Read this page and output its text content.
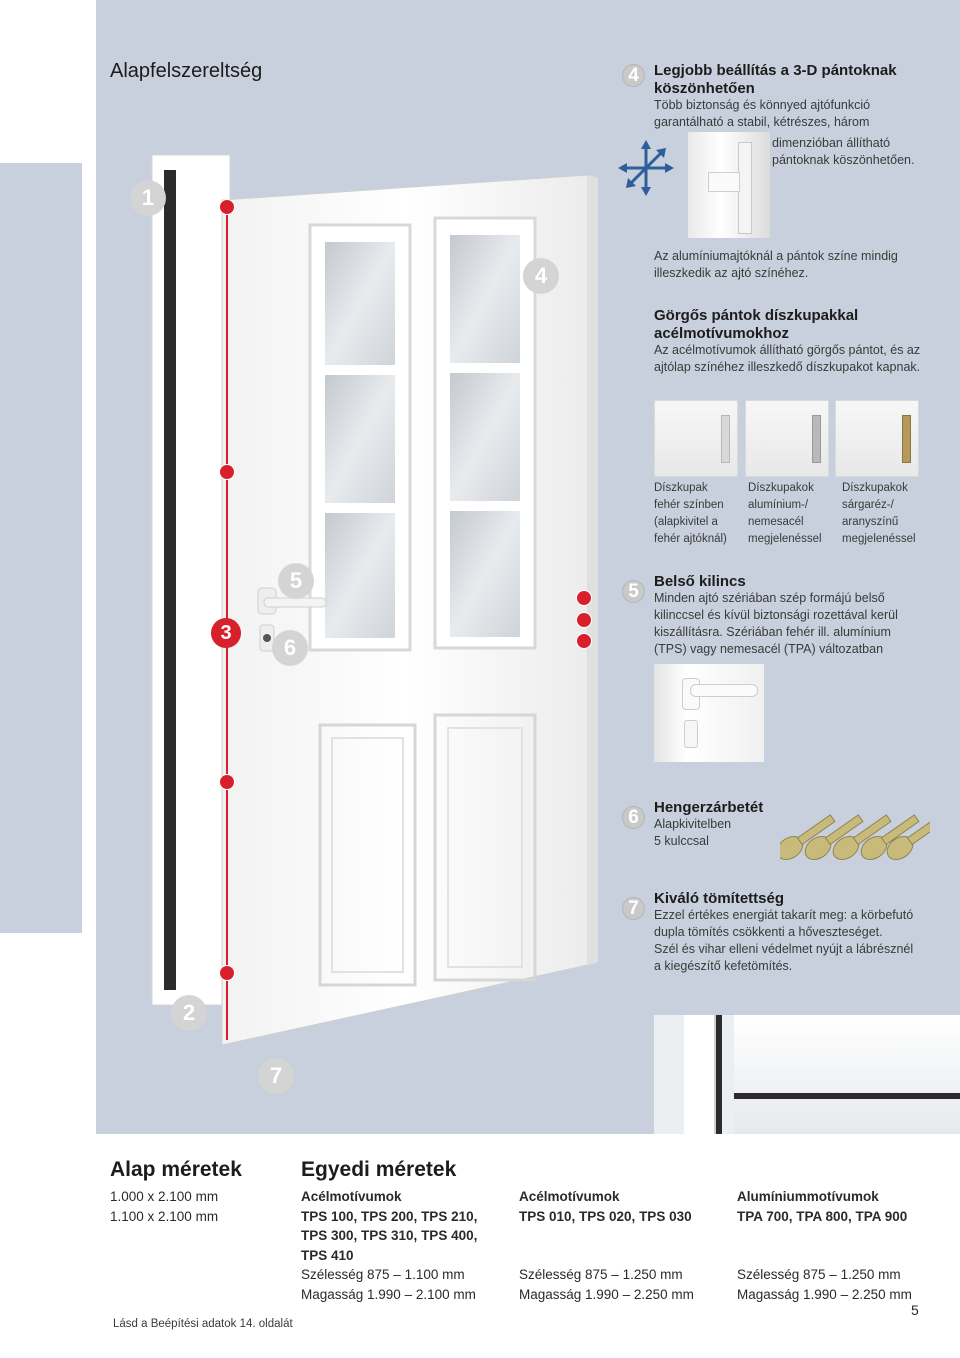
3
1
4
5
6
2
7
Alapfelszereltség	4	Legjobb beállítás a 3-D pántoknak
köszönhetően
Több biztonság és könnyed ajtófunkció
garantálható a stabil, kétrészes, három
dimenzióban állítható
pántoknak köszönhetően.
Az alumíniumajtóknál a pántok színe mindig
illeszkedik az ajtó színéhez.
Görgős pántok díszkupakkal
acélmotívumokhoz
Az acélmotívumok állítható görgős pántot, és az
ajtólap színéhez illeszkedő díszkupakot kapnak.
Díszkupak
fehér színben
(alapkivitel a
fehér ajtóknál)
Díszkupakok
alumínium-/
nemesacél
megjelenéssel
Díszkupakok
sárgaréz-/
aranyszínű
megjelenéssel
5	Belső kilincs
Minden ajtó szériában szép formájú belső
kilinccsel és kívül biztonsági rozettával kerül
kiszállításra. Szériában fehér ill. alumínium
(TPS) vagy nemesacél (TPA) változatban
6	Hengerzárbetét
Alapkivitelben
5 kulccsal
7	Kiváló tömítettség
Ezzel értékes energiát takarít meg: a körbefutó
dupla tömítés csökkenti a hőveszteséget.
Szél és vihar elleni védelmet nyújt a lábrésznél
a kiegészítő kefetömítés.
Alap méretek
1.000 x 2.100 mm
1.100 x 2.100 mm
Egyedi méretek
Acélmotívumok
TPS 100, TPS 200, TPS 210,
TPS 300, TPS 310, TPS 400,
TPS 410
Szélesség 875 – 1.100 mm
Magasság 1.990 – 2.100 mm
Acélmotívumok
TPS 010, TPS 020, TPS 030
Szélesség 875 – 1.250 mm
Magasság 1.990 – 2.250 mm
Alumíniummotívumok
TPA 700, TPA 800, TPA 900
Szélesség 875 – 1.250 mm
Magasság 1.990 – 2.250 mm
5
Lásd a Beépítési adatok 14. oldalát
